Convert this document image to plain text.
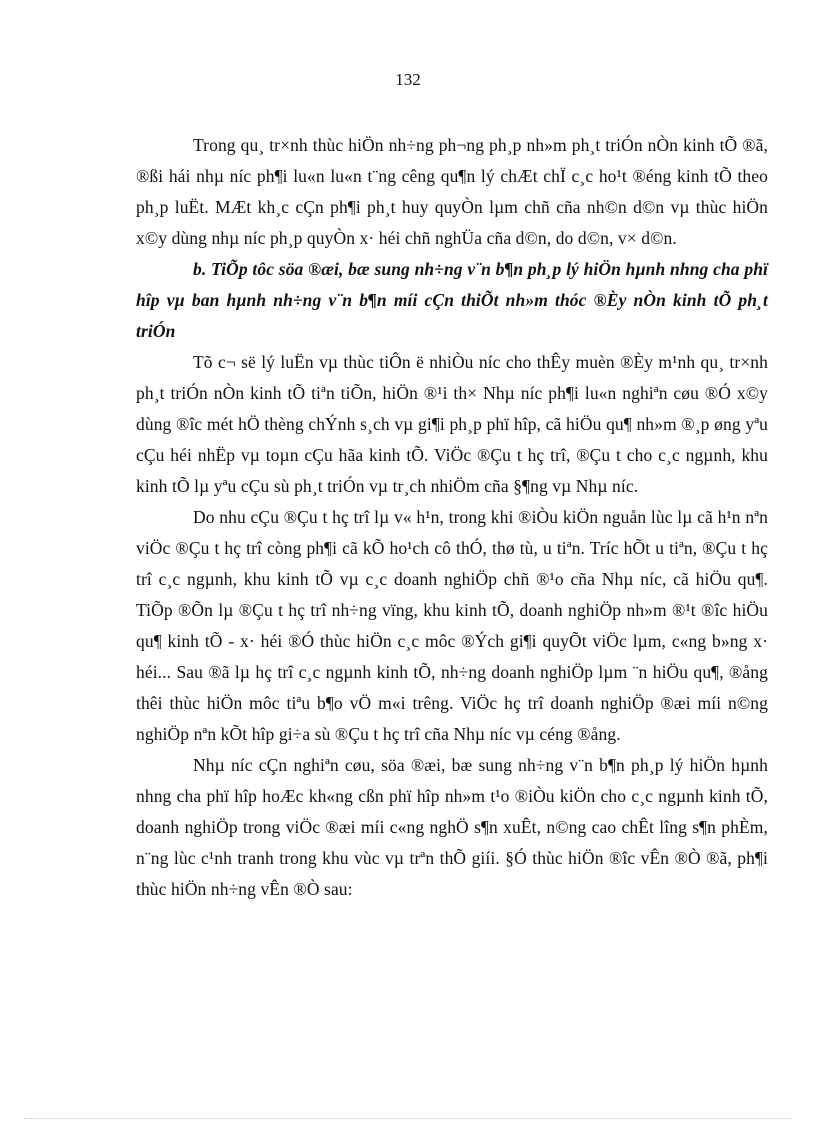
132

Trong qu¸ tr×nh thùc hiÖn nh÷ng ph¬ng ph¸p nh»m ph¸t triÓn nÒn kinh tÕ ®ã, ®ßi hái nhµ níc ph¶i lu«n lu«n t¨ng cêng qu¶n lý chÆt chÏ c¸c ho¹t ®éng kinh tÕ theo ph¸p luËt. MÆt kh¸c cÇn ph¶i ph¸t huy quyÒn lµm chñ cña nh©n d©n vµ thùc hiÖn x©y dùng nhµ níc ph¸p quyÒn x· héi chñ nghÜa cña d©n, do d©n, v× d©n.

b. TiÕp tôc söa ®æi, bæ sung nh÷ng v¨n b¶n ph¸p lý hiÖn hµnh nhng cha phï hîp vµ ban hµnh nh÷ng v¨n b¶n míi cÇn thiÕt nh»m thóc ®Èy nÒn kinh tÕ ph¸t triÓn

Tõ c¬ së lý luËn vµ thùc tiÔn ë nhiÒu níc cho thÊy muèn ®Èy m¹nh qu¸ tr×nh ph¸t triÓn nÒn kinh tÕ tiªn tiÕn, hiÖn ®¹i th× Nhµ níc ph¶i lu«n nghiªn cøu ®Ó x©y dùng ®îc mét hÖ thèng chÝnh s¸ch vµ gi¶i ph¸p phï hîp, cã hiÖu qu¶ nh»m ®¸p øng yªu cÇu héi nhËp vµ toµn cÇu hãa kinh tÕ. ViÖc ®Çu t hç trî, ®Çu t cho c¸c ngµnh, khu kinh tÕ lµ yªu cÇu sù ph¸t triÓn vµ tr¸ch nhiÖm cña §¶ng vµ Nhµ níc.

Do nhu cÇu ®Çu t hç trî lµ v« h¹n, trong khi ®iÒu kiÖn nguån lùc lµ cã h¹n nªn viÖc ®Çu t hç trî còng ph¶i cã kÕ ho¹ch cô thÓ, thø tù, u tiªn. Tríc hÕt u tiªn, ®Çu t hç trî c¸c ngµnh, khu kinh tÕ vµ c¸c doanh nghiÖp chñ ®¹o cña Nhµ níc, cã hiÖu qu¶. TiÕp ®Õn lµ ®Çu t hç trî nh÷ng vïng, khu kinh tÕ, doanh nghiÖp nh»m ®¹t ®îc hiÖu qu¶ kinh tÕ - x· héi ®Ó thùc hiÖn c¸c môc ®Ých gi¶i quyÕt viÖc lµm, c«ng b»ng x· héi... Sau ®ã lµ hç trî c¸c ngµnh kinh tÕ, nh÷ng doanh nghiÖp lµm ¨n hiÖu qu¶, ®ång thêi thùc hiÖn môc tiªu b¶o vÖ m«i trêng. ViÖc hç trî doanh nghiÖp ®æi míi n©ng nghiÖp nªn kÕt hîp gi÷a sù ®Çu t hç trî cña Nhµ níc vµ céng ®ång.

Nhµ níc cÇn nghiªn cøu, söa ®æi, bæ sung nh÷ng v¨n b¶n ph¸p lý hiÖn hµnh nhng cha phï hîp hoÆc kh«ng cßn phï hîp nh»m t¹o ®iÒu kiÖn cho c¸c ngµnh kinh tÕ, doanh nghiÖp trong viÖc ®æi míi c«ng nghÖ s¶n xuÊt, n©ng cao chÊt lîng s¶n phÈm, n¨ng lùc c¹nh tranh trong khu vùc vµ trªn thÕ giíi. §Ó thùc hiÖn ®îc vÊn ®Ò ®ã, ph¶i thùc hiÖn nh÷ng vÊn ®Ò sau:
